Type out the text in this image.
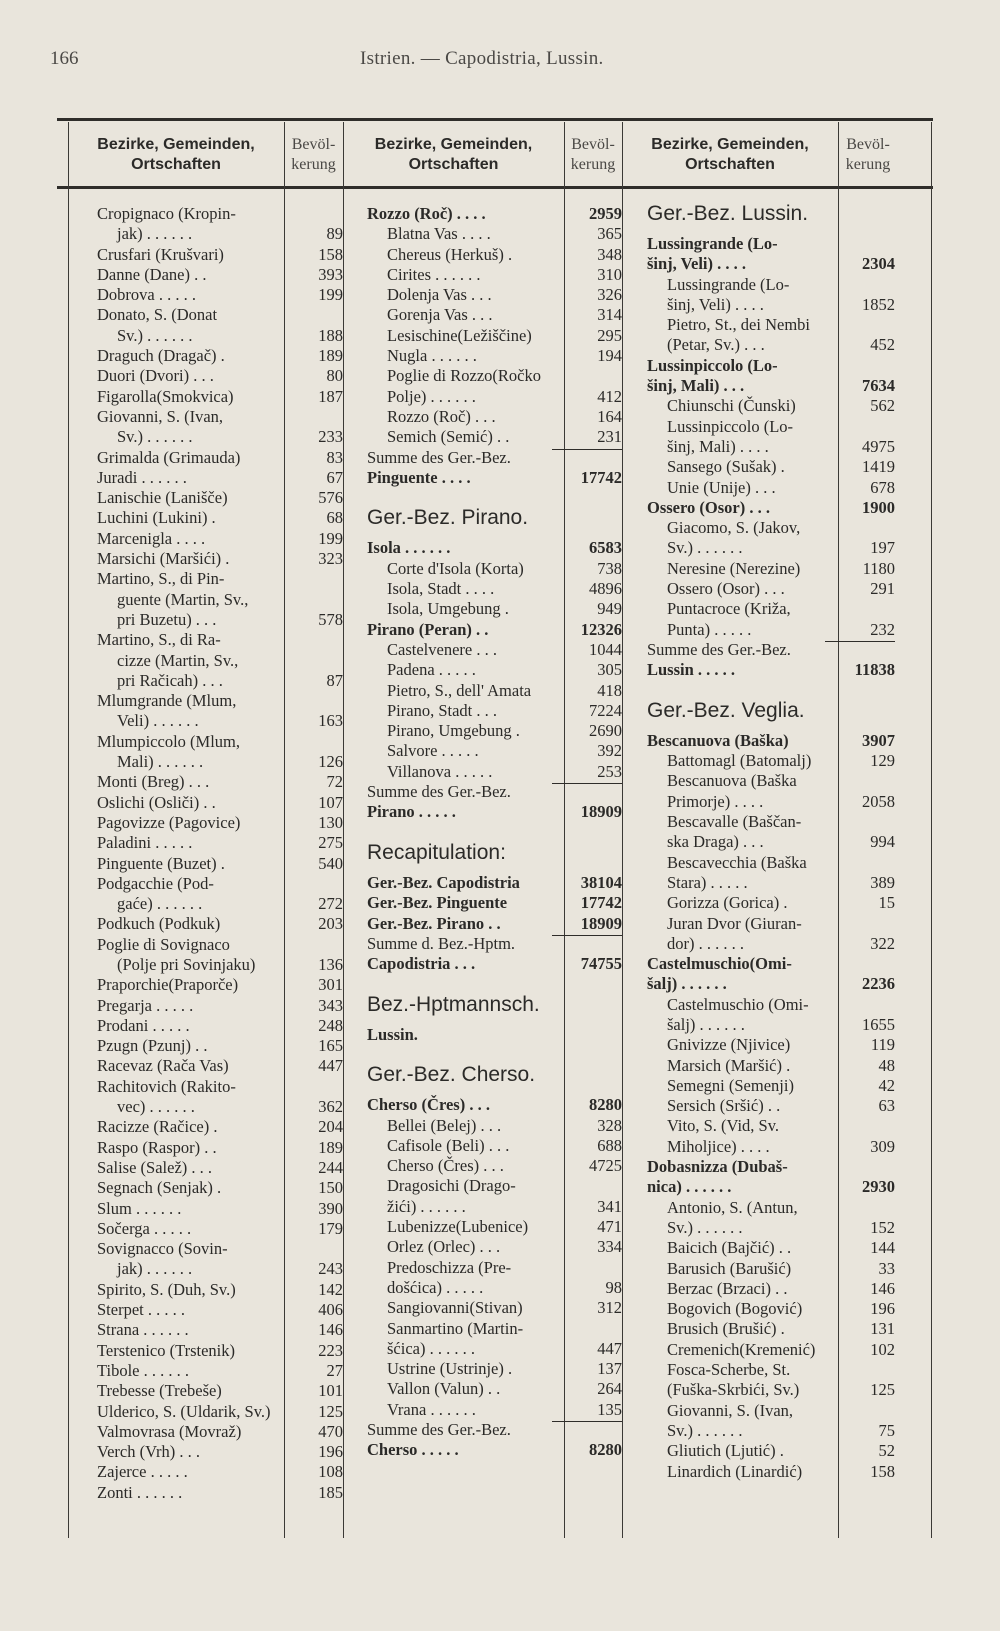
166	Istrien. — Capodistria, Lussin.
Bezirke, Gemeinden, Ortschaften
Bevöl- kerung
Bezirke, Gemeinden, Ortschaften
Bevöl- kerung
Bezirke, Gemeinden, Ortschaften
Bevöl- kerung
Cropignaco (Kropin-
jak) . . . . . .	89
Crusfari (Krušvari)	158
Danne (Dane) . .	393
Dobrova . . . . .	199
Donato, S. (Donat
Sv.) . . . . . .	188
Draguch (Dragač) .	189
Duori (Dvori) . . .	80
Figarolla(Smokvica)	187
Giovanni, S. (Ivan,
Sv.) . . . . . .	233
Grimalda (Grimauda)	83
Juradi . . . . . .	67
Lanischie (Lanišče)	576
Luchini (Lukini) .	68
Marcenigla . . . .	199
Marsichi (Maršići) .	323
Martino, S., di Pin-
guente (Martin, Sv.,
pri Buzetu) . . .	578
Martino, S., di Ra-
cizze (Martin, Sv.,
pri Račicah) . . .	87
Mlumgrande (Mlum,
Veli) . . . . . .	163
Mlumpiccolo (Mlum,
Mali) . . . . . .	126
Monti (Breg) . . .	72
Oslichi (Osliči) . .	107
Pagovizze (Pagovice)	130
Paladini . . . . .	275
Pinguente (Buzet) .	540
Podgacchie (Pod-
gaće) . . . . . .	272
Podkuch (Podkuk)	203
Poglie di Sovignaco
(Polje pri Sovinjaku)	136
Praporchie(Praporče)	301
Pregarja . . . . .	343
Prodani . . . . .	248
Pzugn (Pzunj) . .	165
Racevaz (Rača Vas)	447
Rachitovich (Rakito-
vec) . . . . . .	362
Racizze (Račice) .	204
Raspo (Raspor) . .	189
Salise (Salež) . . .	244
Segnach (Senjak) .	150
Slum . . . . . .	390
Sočerga . . . . .	179
Sovignacco (Sovin-
jak) . . . . . .	243
Spirito, S. (Duh, Sv.)	142
Sterpet . . . . .	406
Strana . . . . . .	146
Terstenico (Trstenik)	223
Tibole . . . . . .	27
Trebesse (Trebeše)	101
Ulderico, S. (Uldarik, Sv.)	125
Valmovrasa (Movraž)	470
Verch (Vrh) . . .	196
Zajerce . . . . .	108
Zonti . . . . . .	185
Rozzo (Roč) . . . .	2959
Blatna Vas . . . .	365
Chereus (Herkuš) .	348
Cirites . . . . . .	310
Dolenja Vas . . .	326
Gorenja Vas . . .	314
Lesischine(Ležiščine)	295
Nugla . . . . . .	194
Poglie di Rozzo(Ročko
Polje) . . . . . .	412
Rozzo (Roč) . . .	164
Semich (Semić) . .	231
Summe des Ger.-Bez.
Pinguente . . . .	17742
Ger.-Bez. Pirano.
Isola . . . . . .	6583
Corte d'Isola (Korta)	738
Isola, Stadt . . . .	4896
Isola, Umgebung .	949
Pirano (Peran) . .	12326
Castelvenere . . .	1044
Padena . . . . .	305
Pietro, S., dell' Amata	418
Pirano, Stadt . . .	7224
Pirano, Umgebung .	2690
Salvore . . . . .	392
Villanova . . . . .	253
Summe des Ger.-Bez.
Pirano . . . . .	18909
Recapitulation:
Ger.-Bez. Capodistria	38104
Ger.-Bez. Pinguente	17742
Ger.-Bez. Pirano . .	18909
Summe d. Bez.-Hptm.
Capodistria . . .	74755
Bez.-Hptmannsch.
Lussin.
Ger.-Bez. Cherso.
Cherso (Čres) . . .	8280
Bellei (Belej) . . .	328
Cafisole (Beli) . . .	688
Cherso (Čres) . . .	4725
Dragosichi (Drago-
žići) . . . . . .	341
Lubenizze(Lubenice)	471
Orlez (Orlec) . . .	334
Predoschizza (Pre-
došćica) . . . . .	98
Sangiovanni(Stivan)	312
Sanmartino (Martin-
šćica) . . . . . .	447
Ustrine (Ustrinje) .	137
Vallon (Valun) . .	264
Vrana . . . . . .	135
Summe des Ger.-Bez.
Cherso . . . . .	8280
Ger.-Bez. Lussin.
Lussingrande (Lo-
šinj, Veli) . . . .	2304
Lussingrande (Lo-
šinj, Veli) . . . .	1852
Pietro, St., dei Nembi
(Petar, Sv.) . . .	452
Lussinpiccolo (Lo-
šinj, Mali) . . .	7634
Chiunschi (Čunski)	562
Lussinpiccolo (Lo-
šinj, Mali) . . . .	4975
Sansego (Sušak) .	1419
Unie (Unije) . . .	678
Ossero (Osor) . . .	1900
Giacomo, S. (Jakov,
Sv.) . . . . . .	197
Neresine (Nerezine)	1180
Ossero (Osor) . . .	291
Puntacroce (Križa,
Punta) . . . . .	232
Summe des Ger.-Bez.
Lussin . . . . .	11838
Ger.-Bez. Veglia.
Bescanuova (Baška)	3907
Battomagl (Batomalj)	129
Bescanuova (Baška
Primorje) . . . .	2058
Bescavalle (Baščan-
ska Draga) . . .	994
Bescavecchia (Baška
Stara) . . . . .	389
Gorizza (Gorica) .	15
Juran Dvor (Giuran-
dor) . . . . . .	322
Castelmuschio(Omi-
šalj) . . . . . .	2236
Castelmuschio (Omi-
šalj) . . . . . .	1655
Gnivizze (Njivice)	119
Marsich (Maršić) .	48
Semegni (Semenji)	42
Sersich (Sršić) . .	63
Vito, S. (Vid, Sv.
Miholjice) . . . .	309
Dobasnizza (Dubaš-
nica) . . . . . .	2930
Antonio, S. (Antun,
Sv.) . . . . . .	152
Baicich (Bajčić) . .	144
Barusich (Barušić)	33
Berzac (Brzaci) . .	146
Bogovich (Bogović)	196
Brusich (Brušić) .	131
Cremenich(Kremenić)	102
Fosca-Scherbe, St.
(Fuška-Skrbići, Sv.)	125
Giovanni, S. (Ivan,
Sv.) . . . . . .	75
Gliutich (Ljutić) .	52
Linardich (Linardić)	158
